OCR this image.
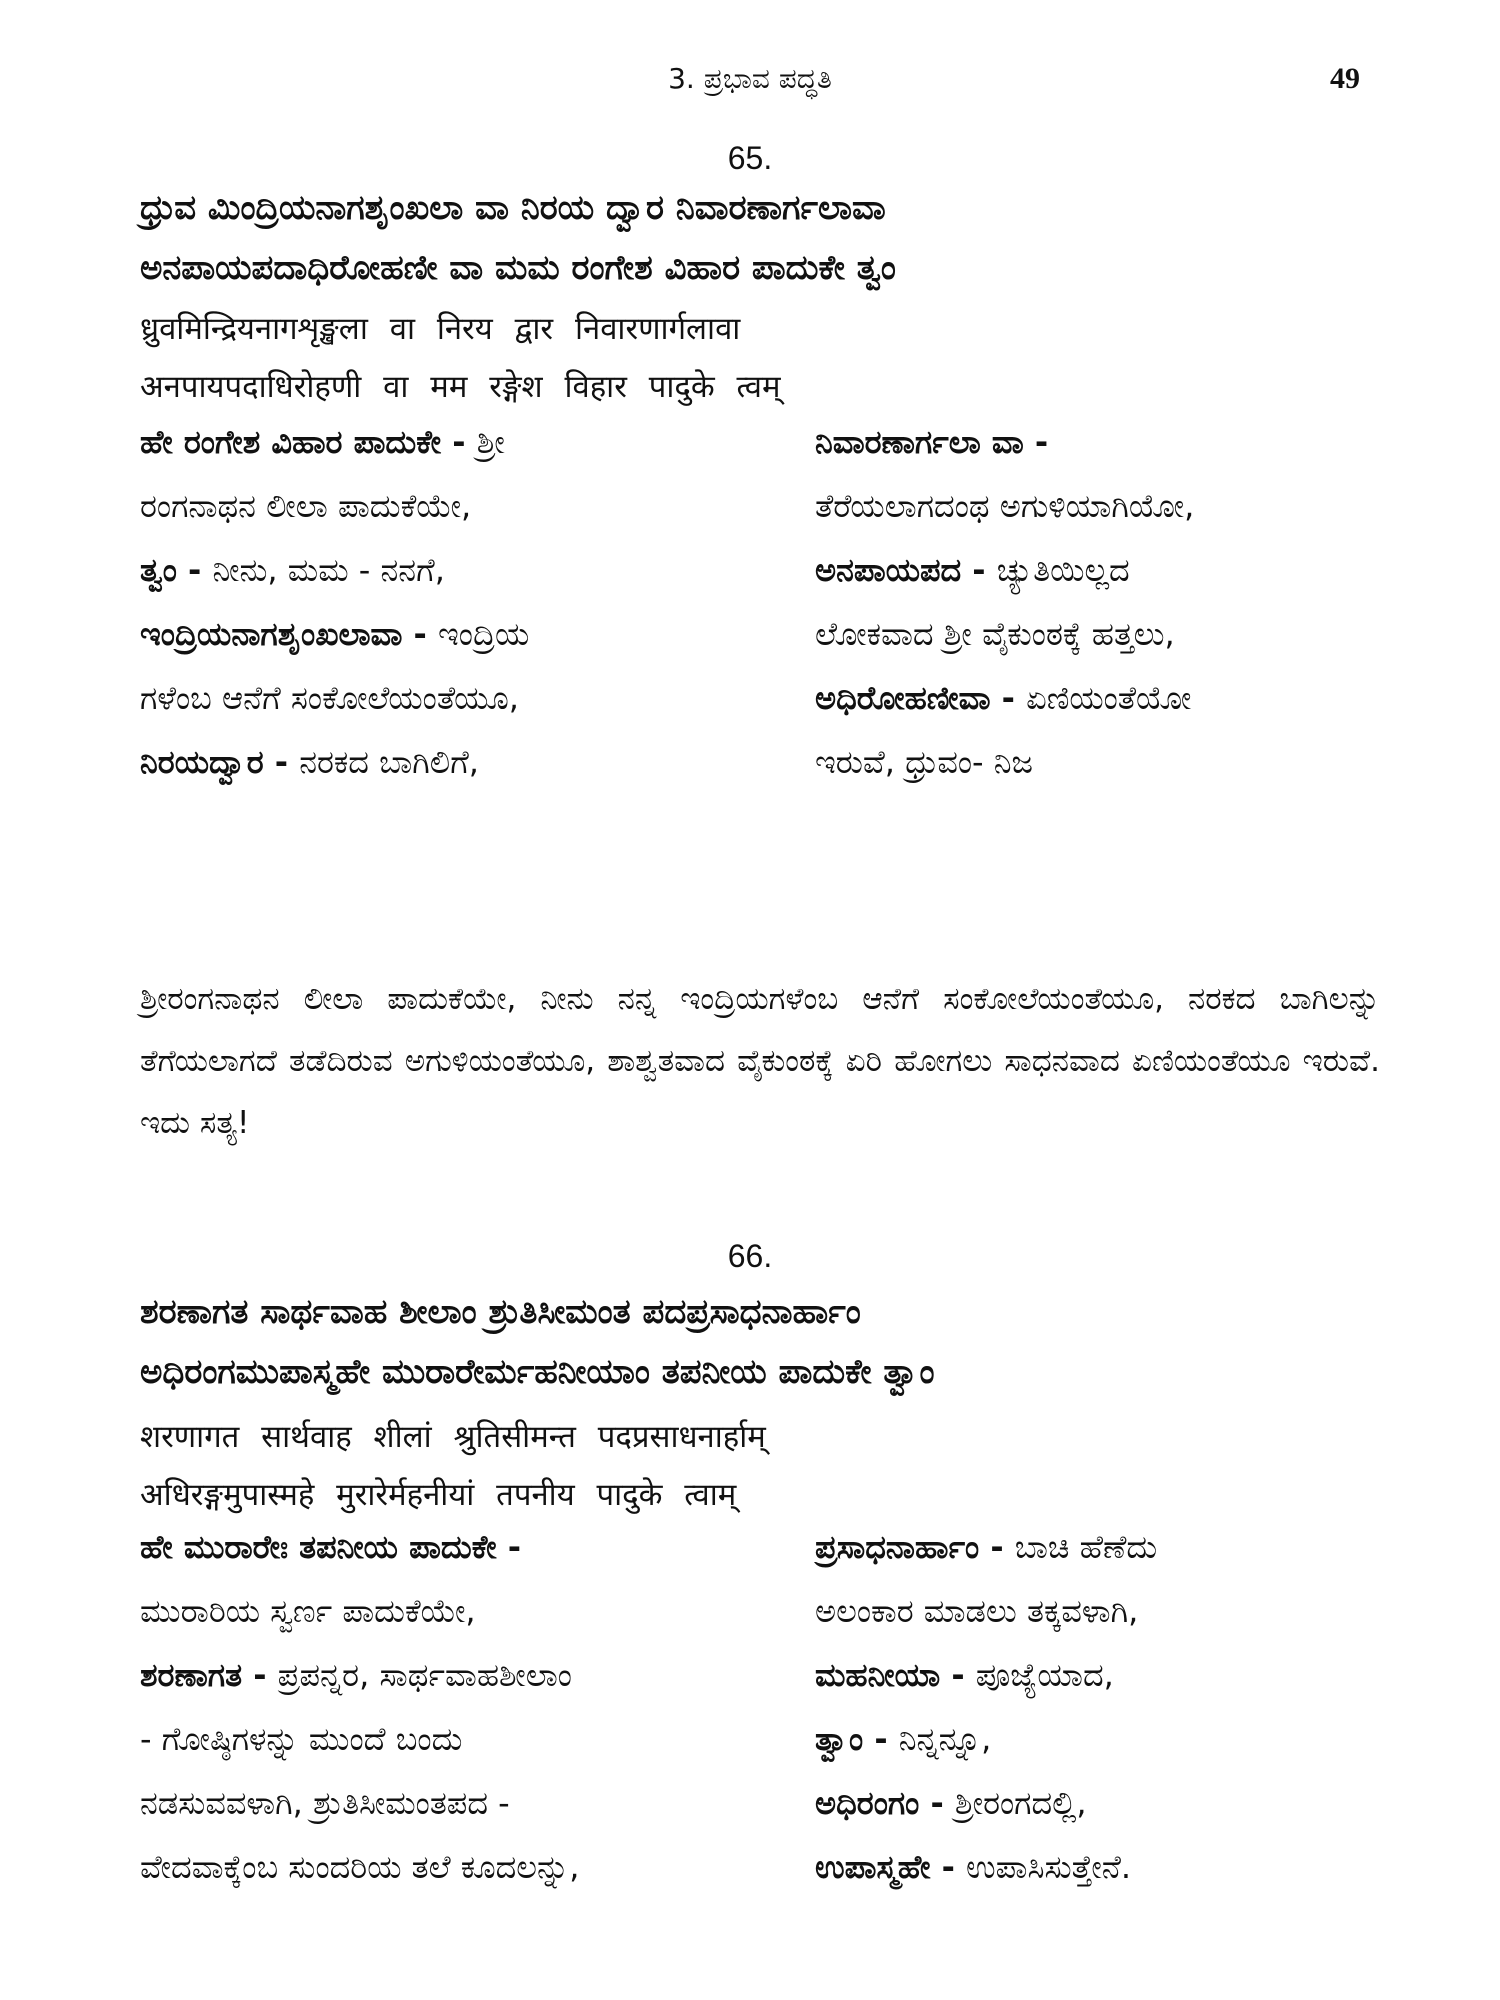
3. ಪ್ರಭಾವ ಪದ್ಧತಿ	49
65.
ಧ್ರುವ ಮಿಂದ್ರಿಯನಾಗಶೃಂಖಲಾ ವಾ ನಿರಯ ದ್ವಾರ ನಿವಾರಣಾರ್ಗಲಾವಾ
ಅನಪಾಯಪದಾಧಿರೋಹಣೀ ವಾ ಮಮ ರಂಗೇಶ ವಿಹಾರ ಪಾದುಕೇ ತ್ವಂ
ध्रुवमिन्द्रियनागशृङ्खला वा निरय द्वार निवारणार्गलावा
अनपायपदाधिरोहणी वा मम रङ्गेश विहार पादुके त्वम्
ಹೇ ರಂಗೇಶ ವಿಹಾರ ಪಾದುಕೇ - ಶ್ರೀ
ರಂಗನಾಥನ ಲೀಲಾ ಪಾದುಕೆಯೇ,
ತ್ವಂ - ನೀನು, ಮಮ - ನನಗೆ,
ಇಂದ್ರಿಯನಾಗಶೃಂಖಲಾವಾ - ಇಂದ್ರಿಯ
ಗಳೆಂಬ ಆನೆಗೆ ಸಂಕೋಲೆಯಂತೆಯೂ,
ನಿರಯದ್ವಾರ - ನರಕದ ಬಾಗಿಲಿಗೆ,
ನಿವಾರಣಾರ್ಗಲಾ ವಾ -
ತೆರೆಯಲಾಗದಂಥ ಅಗುಳಿಯಾಗಿಯೋ,
ಅನಪಾಯಪದ - ಚ್ಯುತಿಯಿಲ್ಲದ
ಲೋಕವಾದ ಶ್ರೀ ವೈಕುಂಠಕ್ಕೆ ಹತ್ತಲು,
ಅಧಿರೋಹಣೀವಾ - ಏಣಿಯಂತೆಯೋ
ಇರುವೆ, ಧ್ರುವಂ- ನಿಜ
ಶ್ರೀರಂಗನಾಥನ ಲೀಲಾ ಪಾದುಕೆಯೇ, ನೀನು ನನ್ನ ಇಂದ್ರಿಯಗಳೆಂಬ ಆನೆಗೆ ಸಂಕೋಲೆಯಂತೆಯೂ, ನರಕದ ಬಾಗಿಲನ್ನು ತೆಗೆಯಲಾಗದೆ ತಡೆದಿರುವ ಅಗುಳಿಯಂತೆಯೂ, ಶಾಶ್ವತವಾದ ವೈಕುಂಠಕ್ಕೆ ಏರಿ ಹೋಗಲು ಸಾಧನವಾದ ಏಣಿಯಂತೆಯೂ ಇರುವೆ. ಇದು ಸತ್ಯ!
66.
ಶರಣಾಗತ ಸಾರ್ಥವಾಹ ಶೀಲಾಂ ಶ್ರುತಿಸೀಮಂತ ಪದಪ್ರಸಾಧನಾರ್ಹಾಂ
ಅಧಿರಂಗಮುಪಾಸ್ಮಹೇ ಮುರಾರೇರ್ಮಹನೀಯಾಂ ತಪನೀಯ ಪಾದುಕೇ ತ್ವಾಂ
शरणागत सार्थवाह शीलां श्रुतिसीमन्त पदप्रसाधनार्हाम्
अधिरङ्गमुपास्महे मुरारेर्महनीयां तपनीय पादुके त्वाम्
ಹೇ ಮುರಾರೇಃ ತಪನೀಯ ಪಾದುಕೇ -
ಮುರಾರಿಯ ಸ್ವರ್ಣ ಪಾದುಕೆಯೇ,
ಶರಣಾಗತ - ಪ್ರಪನ್ನರ, ಸಾರ್ಥವಾಹಶೀಲಾಂ
- ಗೋಷ್ಠಿಗಳನ್ನು ಮುಂದೆ ಬಂದು
ನಡಸುವವಳಾಗಿ, ಶ್ರುತಿಸೀಮಂತಪದ -
ವೇದವಾಕ್ಕೆಂಬ ಸುಂದರಿಯ ತಲೆ ಕೂದಲನ್ನು,
ಪ್ರಸಾಧನಾರ್ಹಾಂ - ಬಾಚಿ ಹೆಣೆದು
ಅಲಂಕಾರ ಮಾಡಲು ತಕ್ಕವಳಾಗಿ,
ಮಹನೀಯಾ - ಪೂಜ್ಯೆಯಾದ,
ತ್ವಾಂ - ನಿನ್ನನ್ನೂ,
ಅಧಿರಂಗಂ - ಶ್ರೀರಂಗದಲ್ಲಿ,
ಉಪಾಸ್ಮಹೇ - ಉಪಾಸಿಸುತ್ತೇನೆ.
